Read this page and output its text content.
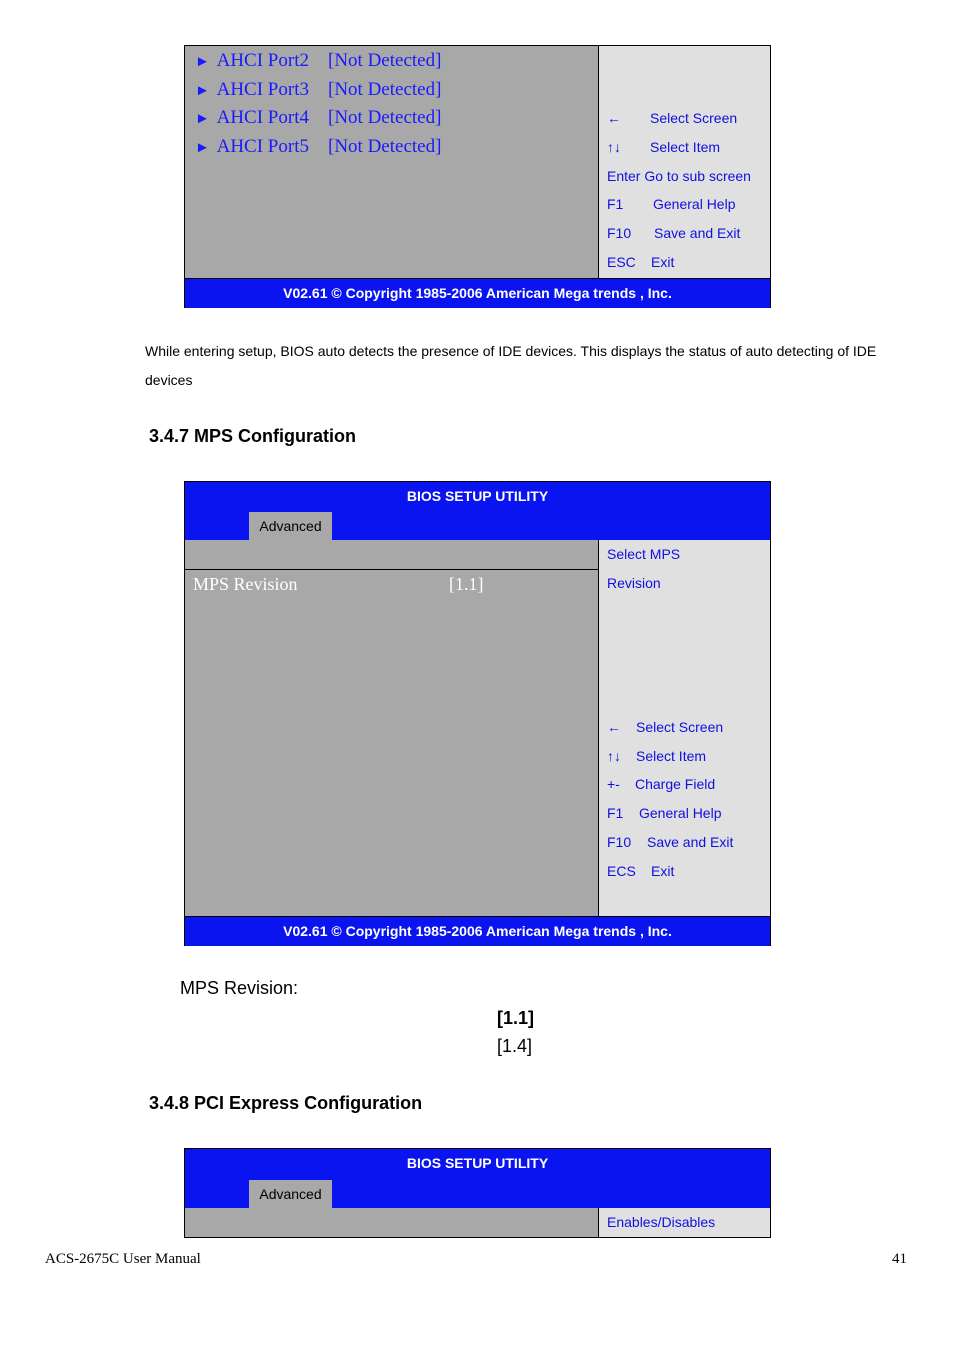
► AHCI Port2 [Not Detected]
► AHCI Port3 [Not Detected]
► AHCI Port4 [Not Detected]
► AHCI Port5 [Not Detected]
← Select Screen
↑↓ Select Item
Enter Go to sub screen
F1 General Help
F10 Save and Exit
ESC Exit
V02.61 © Copyright 1985-2006 American Mega trends , Inc.
While entering setup, BIOS auto detects the presence of IDE devices. This displays the status of auto detecting of IDE devices
3.4.7 MPS Configuration
BIOS SETUP UTILITY
Advanced
MPS Revision	[1.1]
Select MPS
Revision
← Select Screen
↑↓ Select Item
+- Charge Field
F1 General Help
F10 Save and Exit
ECS Exit
V02.61 © Copyright 1985-2006 American Mega trends , Inc.
MPS Revision:
[1.1]
[1.4]
3.4.8 PCI Express Configuration
BIOS SETUP UTILITY
Advanced
Enables/Disables
ACS-2675C User Manual	41
